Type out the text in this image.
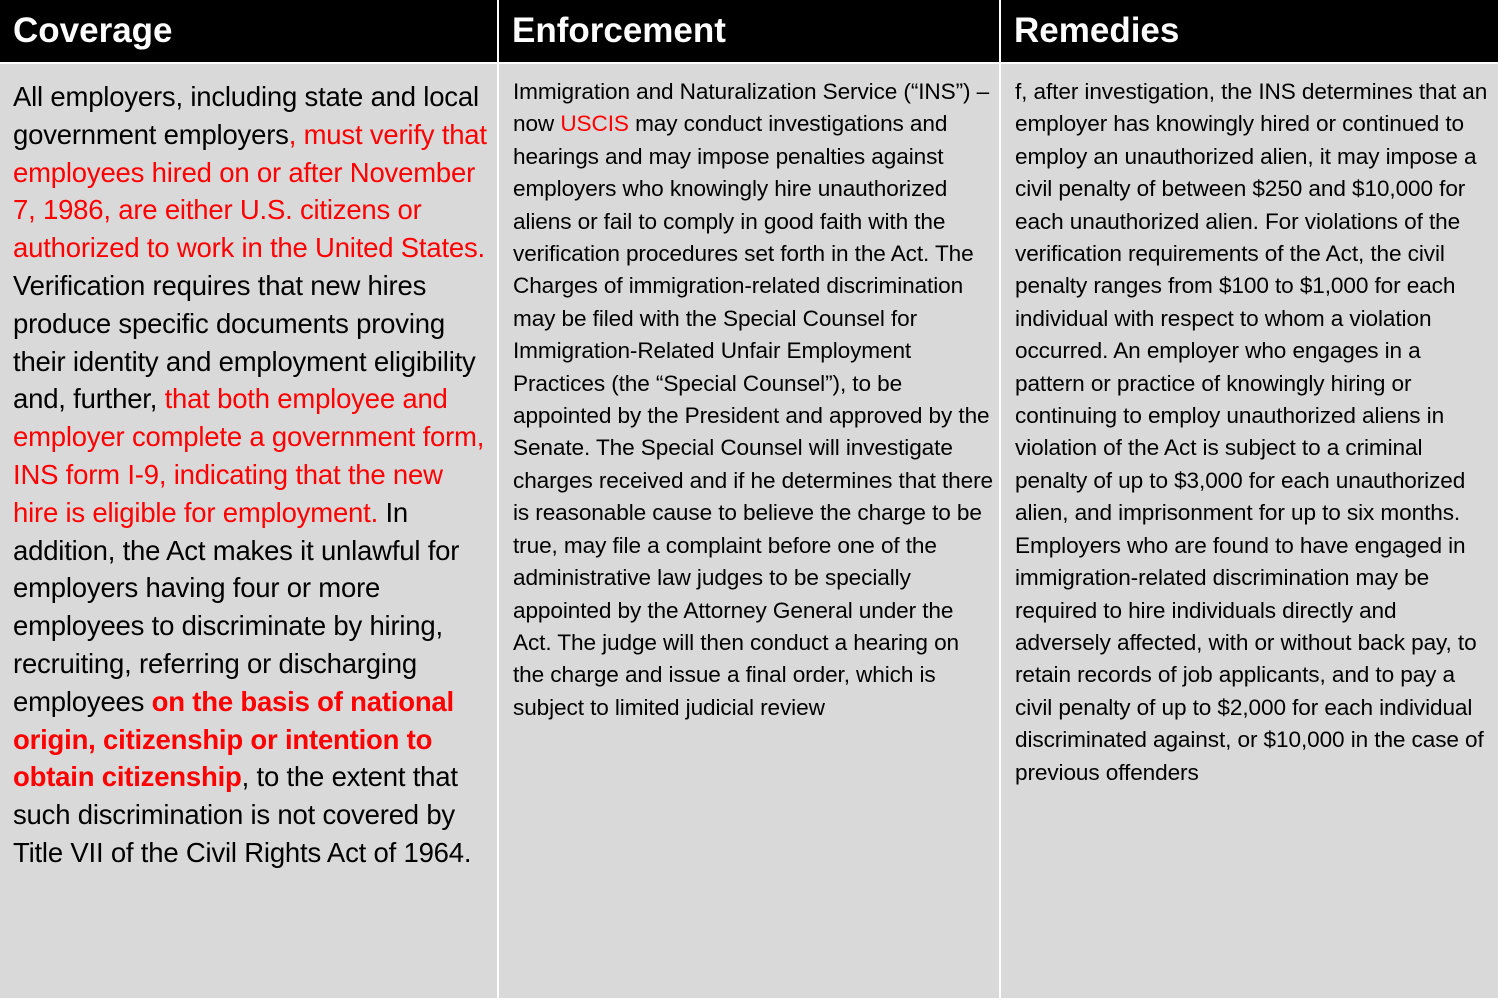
Coverage	Enforcement	Remedies
All employers, including state and local government employers, must verify that employees hired on or after November 7, 1986, are either U.S. citizens or authorized to work in the United States. Verification requires that new hires produce specific documents proving their identity and employment eligibility and, further, that both employee and employer complete a government form, INS form I-9, indicating that the new hire is eligible for employment. In addition, the Act makes it unlawful for employers having four or more employees to discriminate by hiring, recruiting, referring or discharging employees on the basis of national origin, citizenship or intention to obtain citizenship, to the extent that such discrimination is not covered by Title VII of the Civil Rights Act of 1964.
Immigration and Naturalization Service (“INS”) – now USCIS may conduct investigations and hearings and may impose penalties against employers who knowingly hire unauthorized aliens or fail to comply in good faith with the verification procedures set forth in the Act. The Charges of immigration-related discrimination may be filed with the Special Counsel for Immigration-Related Unfair Employment Practices (the “Special Counsel”), to be appointed by the President and approved by the Senate. The Special Counsel will investigate charges received and if he determines that there is reasonable cause to believe the charge to be true, may file a complaint before one of the administrative law judges to be specially appointed by the Attorney General under the Act. The judge will then conduct a hearing on the charge and issue a final order, which is subject to limited judicial review
f, after investigation, the INS determines that an employer has knowingly hired or continued to employ an unauthorized alien, it may impose a civil penalty of between $250 and $10,000 for each unauthorized alien. For violations of the verification requirements of the Act, the civil penalty ranges from $100 to $1,000 for each individual with respect to whom a violation occurred. An employer who engages in a pattern or practice of knowingly hiring or continuing to employ unauthorized aliens in violation of the Act is subject to a criminal penalty of up to $3,000 for each unauthorized alien, and imprisonment for up to six months. Employers who are found to have engaged in immigration-related discrimination may be required to hire individuals directly and adversely affected, with or without back pay, to retain records of job applicants, and to pay a civil penalty of up to $2,000 for each individual discriminated against, or $10,000 in the case of previous offenders
